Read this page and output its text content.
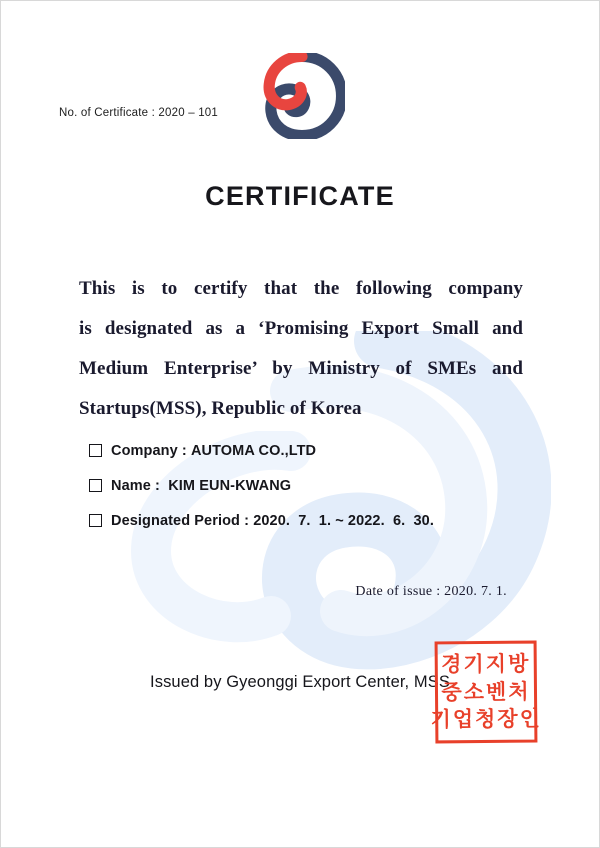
No. of Certificate : 2020 – 101
CERTIFICATE
This is to certify that the following company
is designated as a ‘Promising Export Small and
Medium Enterprise’ by Ministry of SMEs and
Startups(MSS), Republic of Korea
Company : AUTOMA CO.,LTD
Name : KIM EUN-KWANG
Designated Period : 2020.  7.  1. ~ 2022.  6.  30.
Date of issue : 2020. 7. 1.
Issued by Gyeonggi Export Center, MSS
경기지방
중소벤처
기업청장인
